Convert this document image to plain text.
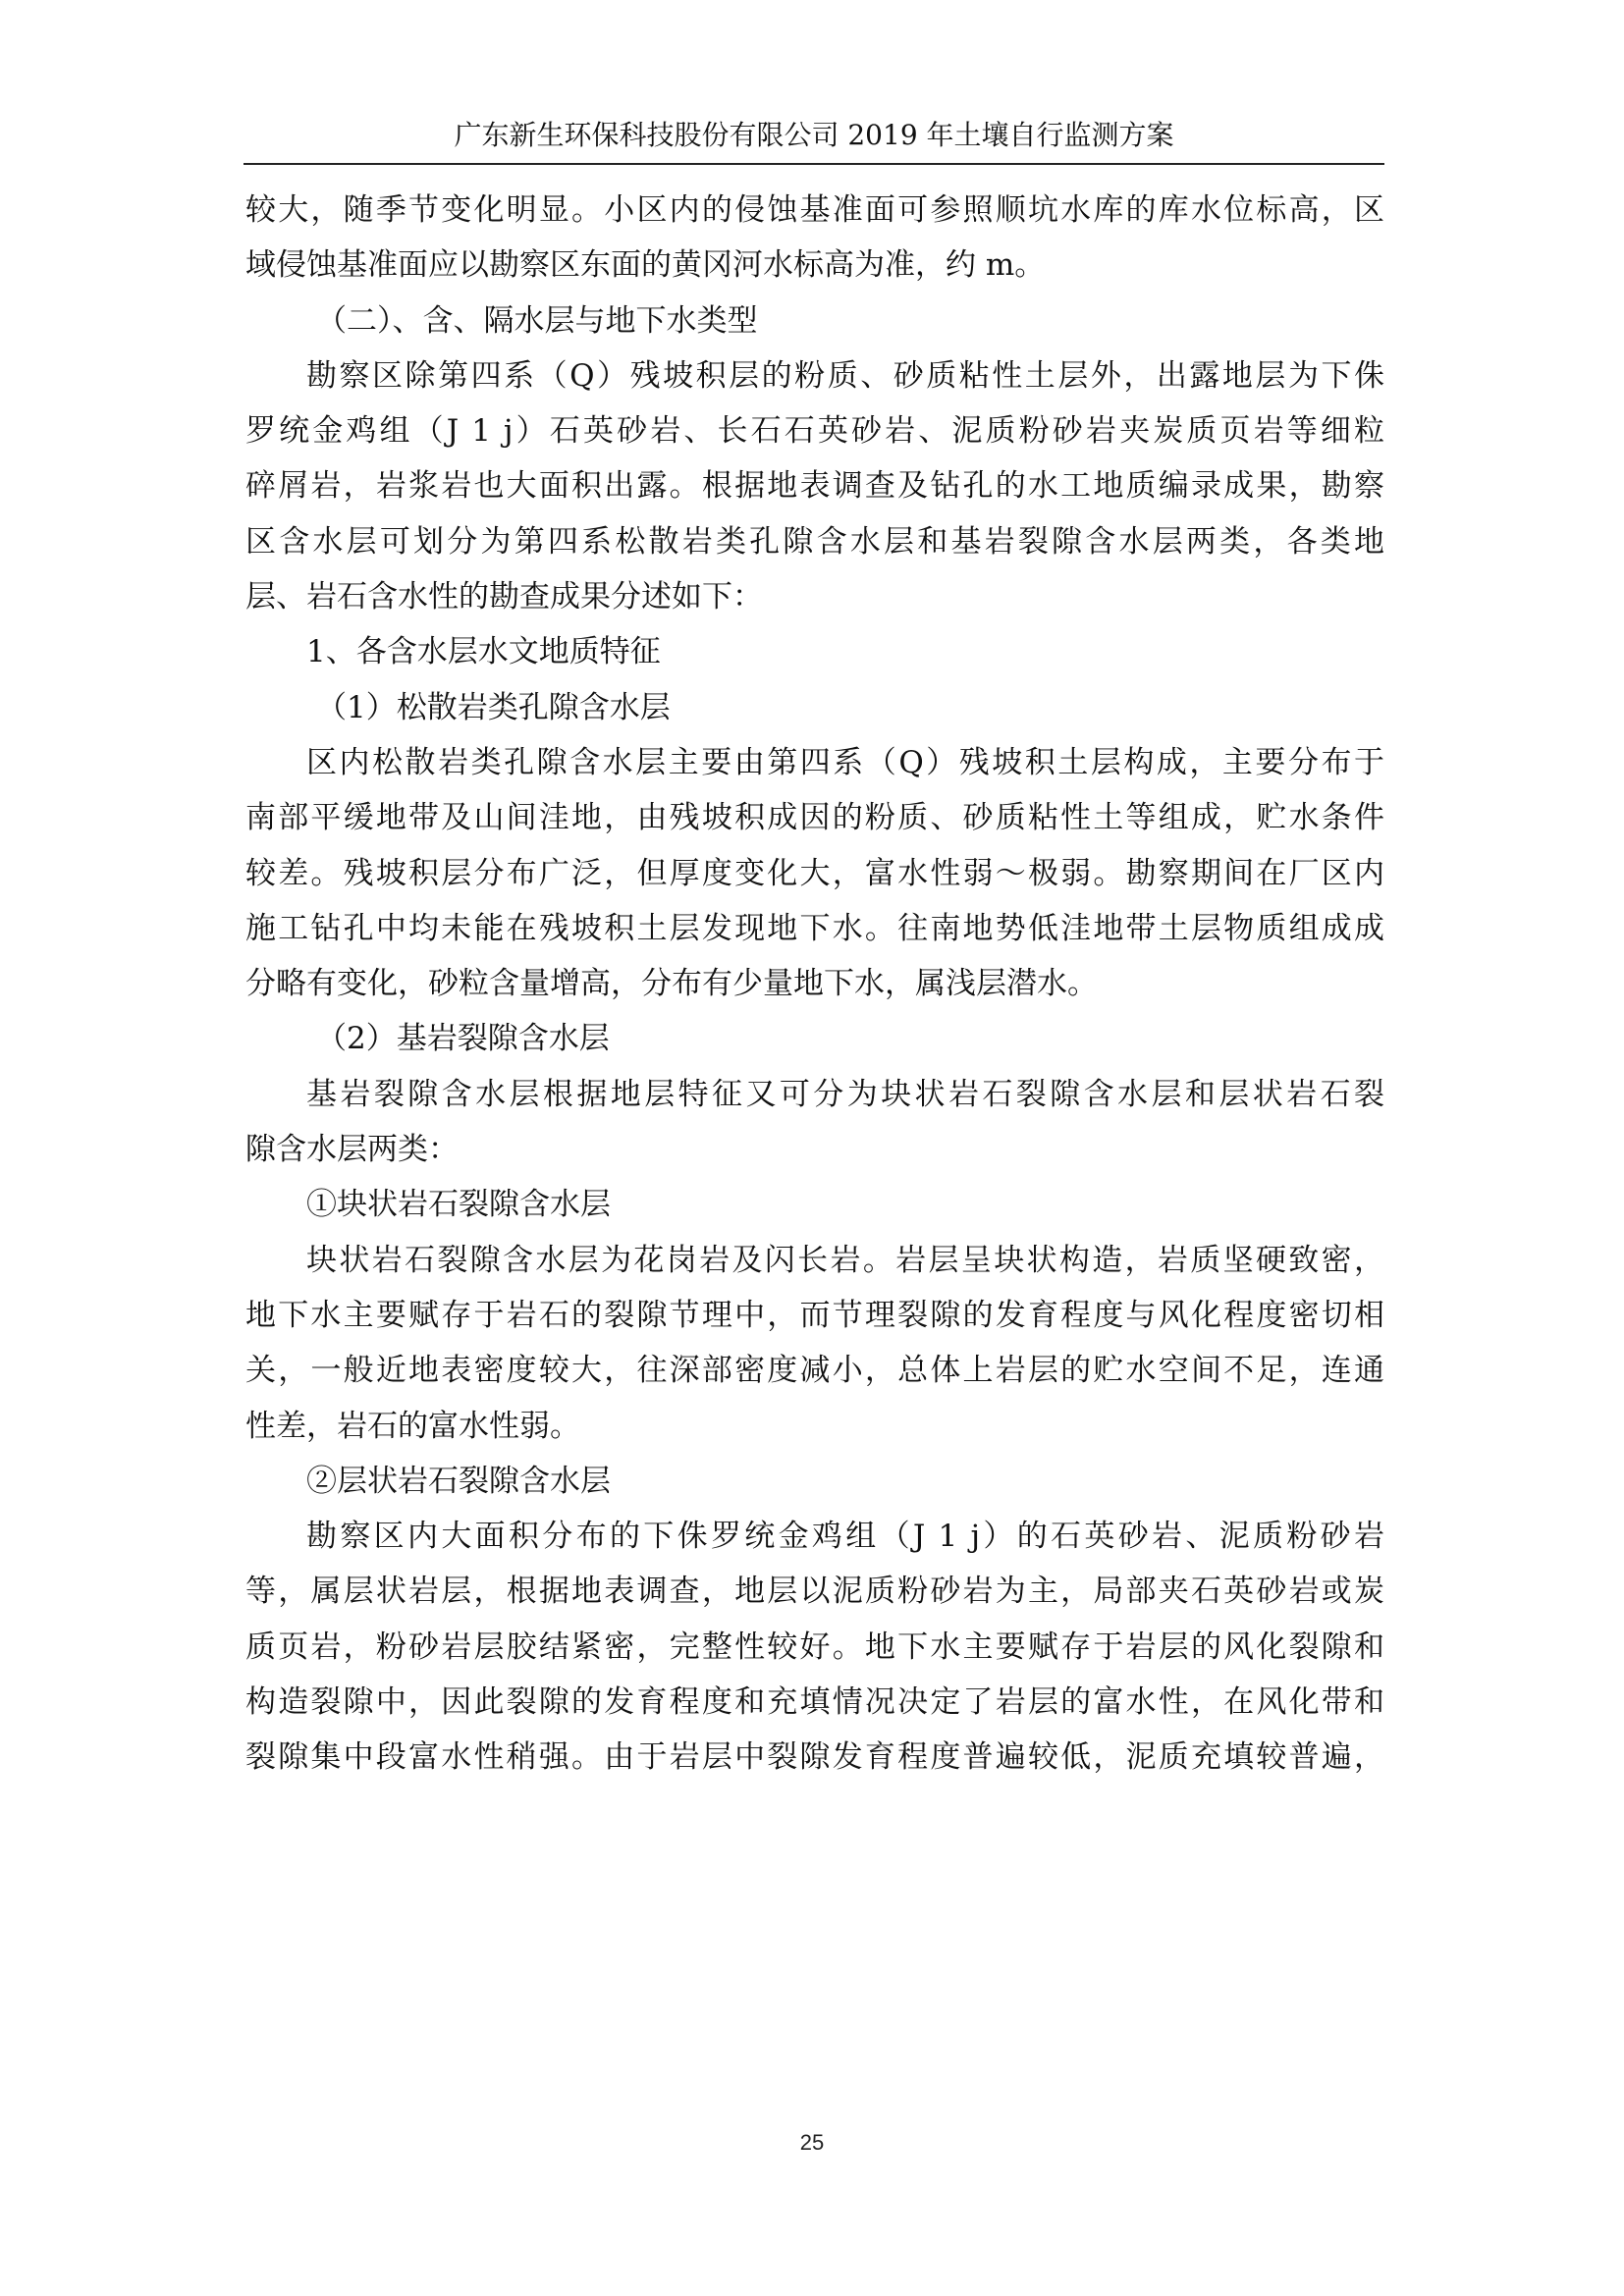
广东新生环保科技股份有限公司 2019 年土壤自行监测方案

较大，随季节变化明显。小区内的侵蚀基准面可参照顺坑水库的库水位标高，区
域侵蚀基准面应以勘察区东面的黄冈河水标高为准，约 m。

（二）、含、隔水层与地下水类型

勘察区除第四系（Q）残坡积层的粉质、砂质粘性土层外，出露地层为下侏
罗统金鸡组（J 1 j）石英砂岩、长石石英砂岩、泥质粉砂岩夹炭质页岩等细粒
碎屑岩，岩浆岩也大面积出露。根据地表调查及钻孔的水工地质编录成果，勘察
区含水层可划分为第四系松散岩类孔隙含水层和基岩裂隙含水层两类，各类地
层、岩石含水性的勘查成果分述如下：

1、各含水层水文地质特征

（1）松散岩类孔隙含水层

区内松散岩类孔隙含水层主要由第四系（Q）残坡积土层构成，主要分布于
南部平缓地带及山间洼地，由残坡积成因的粉质、砂质粘性土等组成，贮水条件
较差。残坡积层分布广泛，但厚度变化大，富水性弱～极弱。勘察期间在厂区内
施工钻孔中均未能在残坡积土层发现地下水。往南地势低洼地带土层物质组成成
分略有变化，砂粒含量增高，分布有少量地下水，属浅层潜水。

（2）基岩裂隙含水层

基岩裂隙含水层根据地层特征又可分为块状岩石裂隙含水层和层状岩石裂
隙含水层两类：

①块状岩石裂隙含水层

块状岩石裂隙含水层为花岗岩及闪长岩。岩层呈块状构造，岩质坚硬致密，
地下水主要赋存于岩石的裂隙节理中，而节理裂隙的发育程度与风化程度密切相
关，一般近地表密度较大，往深部密度减小，总体上岩层的贮水空间不足，连通
性差，岩石的富水性弱。

②层状岩石裂隙含水层

勘察区内大面积分布的下侏罗统金鸡组（J 1 j）的石英砂岩、泥质粉砂岩
等，属层状岩层，根据地表调查，地层以泥质粉砂岩为主，局部夹石英砂岩或炭
质页岩，粉砂岩层胶结紧密，完整性较好。地下水主要赋存于岩层的风化裂隙和
构造裂隙中，因此裂隙的发育程度和充填情况决定了岩层的富水性，在风化带和
裂隙集中段富水性稍强。由于岩层中裂隙发育程度普遍较低，泥质充填较普遍，

25
